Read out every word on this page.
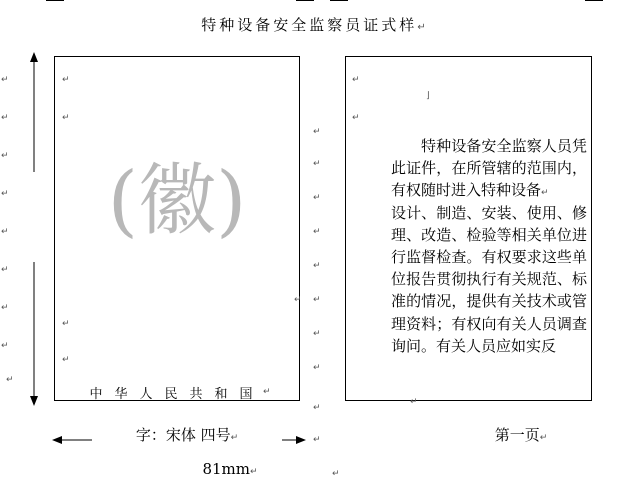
特种设备安全监察员证式样↵
↵
↵
↵
↵
↵
↵
↵
↵
↵
↵
↵
↵
↵
(徽)
中华人民共和国
↵
↵
↵
↵
↵
↵
↵
↵
↵
↵
↵
↵
↵
↵
⌋

特种设备安全监察人员凭此证件，在所管辖的范围内，有权随时进入特种设备↵

设计、制造、安装、使用、修理、改造、检验等相关单位进行监督检查。有权要求这些单位报告贯彻执行有关规范、标准的情况，提供有关技术或管理资料；有权向有关人员调查询问。有关人员应如实反

↵
字：宋体 四号↵	第一页↵
81mm↵	↵
